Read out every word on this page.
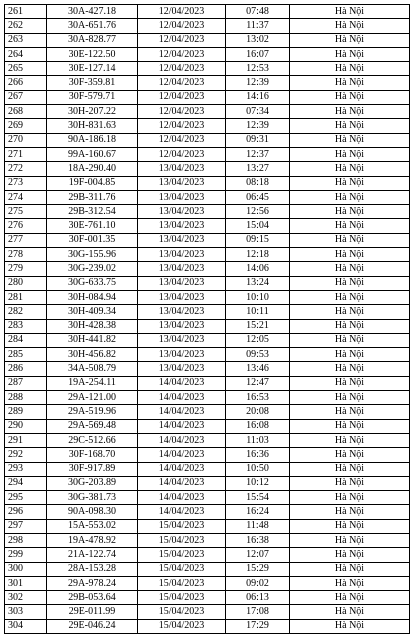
261	30A-427.18	12/04/2023	07:48	Hà Nội
262	30A-651.76	12/04/2023	11:37	Hà Nội
263	30A-828.77	12/04/2023	13:02	Hà Nội
264	30E-122.50	12/04/2023	16:07	Hà Nội
265	30E-127.14	12/04/2023	12:53	Hà Nội
266	30F-359.81	12/04/2023	12:39	Hà Nội
267	30F-579.71	12/04/2023	14:16	Hà Nội
268	30H-207.22	12/04/2023	07:34	Hà Nội
269	30H-831.63	12/04/2023	12:39	Hà Nội
270	90A-186.18	12/04/2023	09:31	Hà Nội
271	99A-160.67	12/04/2023	12:37	Hà Nội
272	18A-290.40	13/04/2023	13:27	Hà Nội
273	19F-004.85	13/04/2023	08:18	Hà Nội
274	29B-311.76	13/04/2023	06:45	Hà Nội
275	29B-312.54	13/04/2023	12:56	Hà Nội
276	30E-761.10	13/04/2023	15:04	Hà Nội
277	30F-001.35	13/04/2023	09:15	Hà Nội
278	30G-155.96	13/04/2023	12:18	Hà Nội
279	30G-239.02	13/04/2023	14:06	Hà Nội
280	30G-633.75	13/04/2023	13:24	Hà Nội
281	30H-084.94	13/04/2023	10:10	Hà Nội
282	30H-409.34	13/04/2023	10:11	Hà Nội
283	30H-428.38	13/04/2023	15:21	Hà Nội
284	30H-441.82	13/04/2023	12:05	Hà Nội
285	30H-456.82	13/04/2023	09:53	Hà Nội
286	34A-508.79	13/04/2023	13:46	Hà Nội
287	19A-254.11	14/04/2023	12:47	Hà Nội
288	29A-121.00	14/04/2023	16:53	Hà Nội
289	29A-519.96	14/04/2023	20:08	Hà Nội
290	29A-569.48	14/04/2023	16:08	Hà Nội
291	29C-512.66	14/04/2023	11:03	Hà Nội
292	30F-168.70	14/04/2023	16:36	Hà Nội
293	30F-917.89	14/04/2023	10:50	Hà Nội
294	30G-203.89	14/04/2023	10:12	Hà Nội
295	30G-381.73	14/04/2023	15:54	Hà Nội
296	90A-098.30	14/04/2023	16:24	Hà Nội
297	15A-553.02	15/04/2023	11:48	Hà Nội
298	19A-478.92	15/04/2023	16:38	Hà Nội
299	21A-122.74	15/04/2023	12:07	Hà Nội
300	28A-153.28	15/04/2023	15:29	Hà Nội
301	29A-978.24	15/04/2023	09:02	Hà Nội
302	29B-053.64	15/04/2023	06:13	Hà Nội
303	29E-011.99	15/04/2023	17:08	Hà Nội
304	29E-046.24	15/04/2023	17:29	Hà Nội
